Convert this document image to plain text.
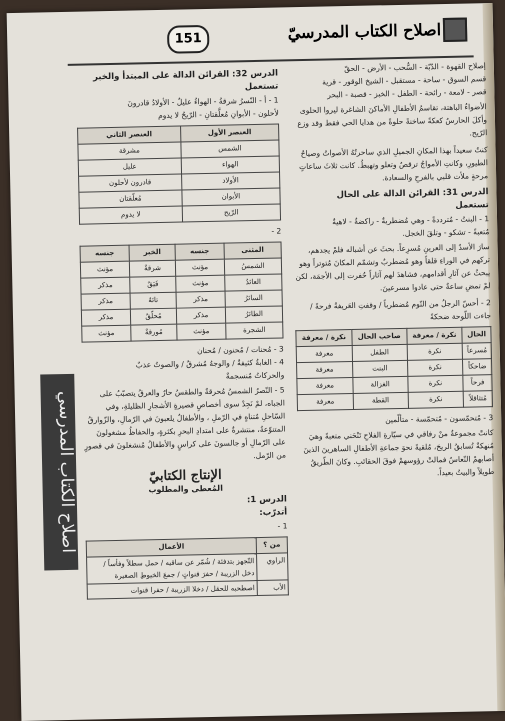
151	اصلاح الكتاب المدرسيّ
اصلاح الكتاب المدرسي
الدرس 32: القرائن الدالة على المبتدأ والخبر
تستعمل
1 - أ - النّسرُ شرقةُ - الهواءُ عليلٌ - الأولادُ قادرونَ
لأحلون - الأبوانِ مُعلَّقتانِ - الرّيحُ لا يدوم
العنصر الأول	العنصر الثاني
الشمس	مشرقة
الهواء	عليل
الأولاد	قادرون لأحلون
الأبوان	مُعلّقتان
الرّيح	لا يدوم
2 -
المثنى	جنسه	الخبر	جنسه
الشمسُ	مؤنث	شرقةٌ	مؤنث
العائدُ	مؤنث	فَيَقٌ	مذكر
السائرُ	مذكر	تائهٌ	مذكر
الطائرُ	مذكر	مُحلّقٌ	مذكر
الشجرة	مؤنث	مُورقةٌ	مؤنث
3 - مُحنات / مُحنون / مُحنان
4 - الغابةُ كثيفةٌ / والوجهُ مُشرقٌ / والصوتُ عذبٌ
والحركاتُ مُنسجمةٌ
5 - النّصرُ الشمسُ مُحرقةٌ والطقسُ حارٌ والعرقُ يتصبّبُ على الجباه، لمْ نَجِدْ سوى أخصاصٍ قصيرةٍ الأشجارِ الظليلةِ، وفي السّاحلِ مُتناهٍ في الرّملِ ، والأطفالُ يلعبونَ في الرّمالِ، والزّوارقُ المتنوّعةُ، منتشرةٌ على امتدادِ البحرِ بكثرةٍ، والحفاظُ مشغولونَ على الرّمالِ أو جالسونَ على كراسٍ والأطفالُ مُنشغلونَ في قصورٍ من الرّمل.
الإنتاج الكتابيّ
المُعطى والمطلوب
الدرس 1:
أتدرّب:
1 -
من ؟	الأعمال
الراوي	التّجهز بتدفئة / شُمّر عن ساقيه / حمل سطلاً وفأساً / دخل الزريبة / حفرَ قنواتٍ / جمعَ الخيوطِ الصغيرة
الأب	اصطحبه للحقل / دخلا الزريبة / حفرا قنوات
إصلاح القهوة - الدّبّة - السُّحب - الأرض - الحقّ
قسم السوق - ساحة - مستقبل - الشيخ الوقور - قرية
قصر - لامعة - رائحة - الطفل - الخبز - قصبة - البحر
الأضواءُ الباهتة، تقاسمُ الأطفالِ الأماكنَ الشاغرة ليروا الحلوى وأكلَ الحارسُ كعكةً ساخنةً حلوةً من هدايا الحي فقط وقد وزع الرّيح.
كنتُ سعيداً بهذا المكانِ الجميلِ الذي ساحرتُهُ الأصواتُ وصياحُ الطيورِ، وكانتِ الأمواجُ ترقصُ وتعلو وتهبطُ. كانت ثلاثَ ساعاتٍ مرحةٍ ملأت قلبي بالفرحِ والسعادة.
الدرس 31: القرائن الدالة على الحال
تستعمل
1 - البنتُ - مُترددةً - وهي مُضطربةٌ - راكضةٌ - لاهيةٌ
مُتعبةً - تشكو - وتلقَ الخجل.
سارَ الأسدُ إلى العرينِ مُسرِعاً. بحثَ عن أشباله فلمْ يجدهم، تركهم في الوراءِ قلقاً وهو مُضطربٌ وتشمّم المكانَ مُتوتراً وهو يبحثُ عن آثارِ أقدامهم، فشاهدَ لهم آثاراً حُفرت إلى الأجمَة، لكن لمْ تمضِ ساعةٌ حتى عادوا مسرعينَ.
2 - أحسّ الرجلُ من النّوم مُضطرباً / وقفتِ العَريفةُ فرحةً / جاءت اللّوحة ضحكةً
الحال	نكرة / معرفة	صاحب الحال	نكرة / معرفة
مُسرعاً	نكرة	الطفل	معرفة
ضاحكاً	نكرة	البنت	معرفة
فرحاً	نكرة	الغزالة	معرفة
مُتثاقلاً	نكرة	القطة	معرفة
3 - مُتحمّسون - مُتحمّسة - متألّمين
كانتْ مجموعةٌ منْ رفاقي في سيّارةِ الفلاحِ تَنْحَني متعبةً وهيَ مُنهكةٌ تُسابقُ الريحَ، مُلقيةً نحوَ جماعةِ الأطفالِ الساهرينَ الذينَ أصابهمْ النّعاسُ فمالتْ رؤوسهمْ فوقَ الحقائبِ. وكانَ الطّريقُ طويلاً والبيتُ بعيداً.
